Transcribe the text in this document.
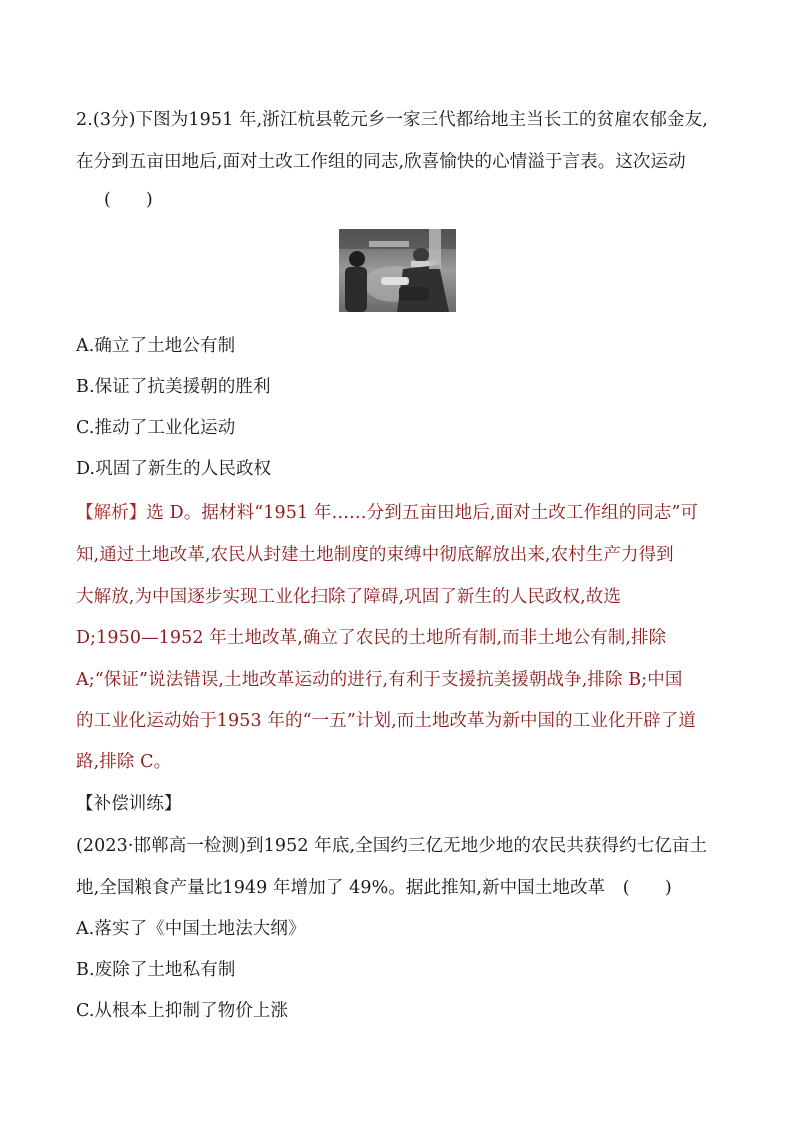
2.(3分)下图为1951 年,浙江杭县乾元乡一家三代都给地主当长工的贫雇农郁金友,
在分到五亩田地后,面对土改工作组的同志,欣喜愉快的心情溢于言表。这次运动
(　　)
A.确立了土地公有制
B.保证了抗美援朝的胜利
C.推动了工业化运动
D.巩固了新生的人民政权
【解析】选 D。据材料“1951 年……分到五亩田地后,面对土改工作组的同志”可
知,通过土地改革,农民从封建土地制度的束缚中彻底解放出来,农村生产力得到
大解放,为中国逐步实现工业化扫除了障碍,巩固了新生的人民政权,故选
D;1950—1952 年土地改革,确立了农民的土地所有制,而非土地公有制,排除
A;“保证”说法错误,土地改革运动的进行,有利于支援抗美援朝战争,排除 B;中国
的工业化运动始于1953 年的“一五”计划,而土地改革为新中国的工业化开辟了道
路,排除 C。
【补偿训练】
(2023·邯郸高一检测)到1952 年底,全国约三亿无地少地的农民共获得约七亿亩土
地,全国粮食产量比1949 年增加了 49%。据此推知,新中国土地改革　(　　)
A.落实了《中国土地法大纲》
B.废除了土地私有制
C.从根本上抑制了物价上涨
